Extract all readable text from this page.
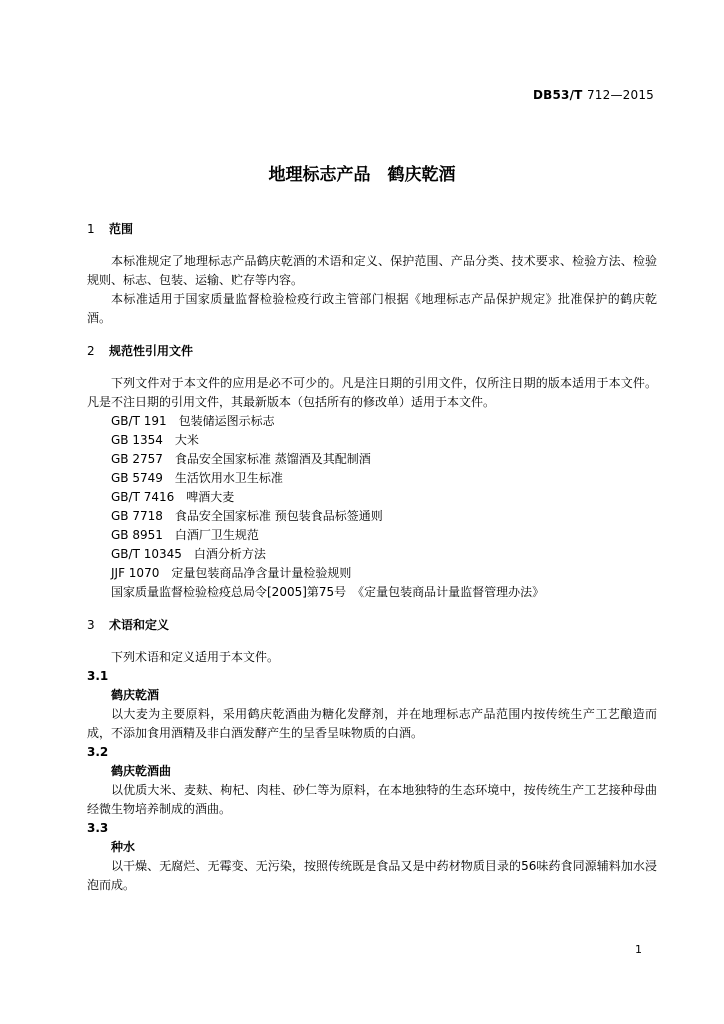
DB53/T 712—2015
地理标志产品　鹤庆乾酒
1 范围
本标准规定了地理标志产品鹤庆乾酒的术语和定义、保护范围、产品分类、技术要求、检验方法、检验规则、标志、包装、运输、贮存等内容。
本标准适用于国家质量监督检验检疫行政主管部门根据《地理标志产品保护规定》批准保护的鹤庆乾酒。
2 规范性引用文件
下列文件对于本文件的应用是必不可少的。凡是注日期的引用文件，仅所注日期的版本适用于本文件。凡是不注日期的引用文件，其最新版本（包括所有的修改单）适用于本文件。
GB/T 191　包装储运图示标志
GB 1354　大米
GB 2757　食品安全国家标准 蒸馏酒及其配制酒
GB 5749　生活饮用水卫生标准
GB/T 7416　啤酒大麦
GB 7718　食品安全国家标准 预包装食品标签通则
GB 8951　白酒厂卫生规范
GB/T 10345　白酒分析方法
JJF 1070　定量包装商品净含量计量检验规则
国家质量监督检验检疫总局令[2005]第75号　《定量包装商品计量监督管理办法》
3 术语和定义
下列术语和定义适用于本文件。
3.1
鹤庆乾酒
以大麦为主要原料，采用鹤庆乾酒曲为糖化发酵剂，并在地理标志产品范围内按传统生产工艺酿造而成，不添加食用酒精及非白酒发酵产生的呈香呈味物质的白酒。
3.2
鹤庆乾酒曲
以优质大米、麦麸、枸杞、肉桂、砂仁等为原料，在本地独特的生态环境中，按传统生产工艺接种母曲经微生物培养制成的酒曲。
3.3
种水
以干燥、无腐烂、无霉变、无污染，按照传统既是食品又是中药材物质目录的56味药食同源辅料加水浸泡而成。
1
